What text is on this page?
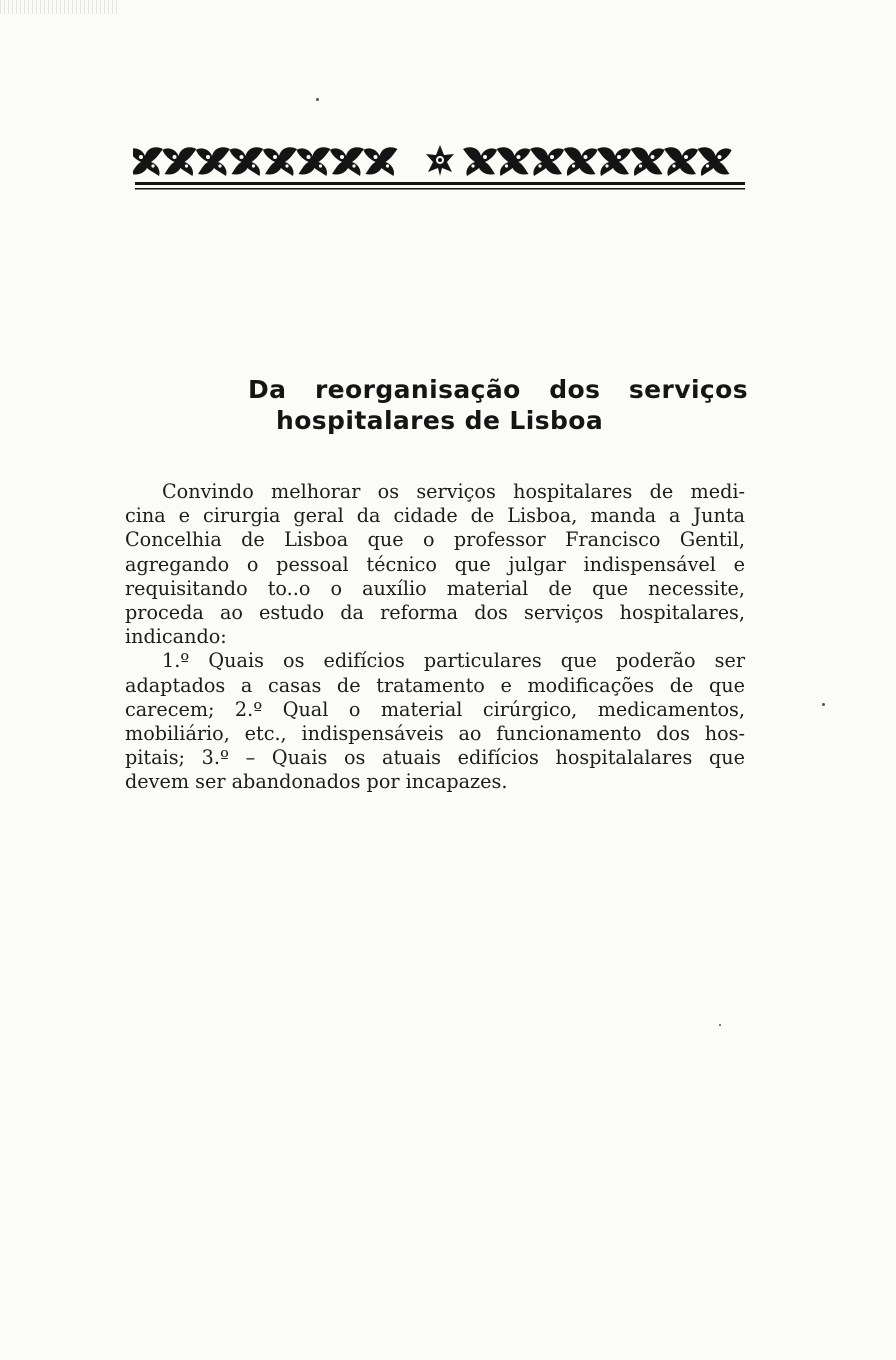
Da reorganisação dos serviços
hospitalares de Lisboa
Convindo melhorar os serviços hospitalares de medi-
cina e cirurgia geral da cidade de Lisboa, manda a Junta
Concelhia de Lisboa que o professor Francisco Gentil,
agregando o pessoal técnico que julgar indispensável e
requisitando to..o o auxílio material de que necessite,
proceda ao estudo da reforma dos serviços hospitalares,
indicando:
1.º Quais os edifícios particulares que poderão ser
adaptados a casas de tratamento e modificações de que
carecem; 2.º Qual o material cirúrgico, medicamentos,
mobiliário, etc., indispensáveis ao funcionamento dos hos-
pitais; 3.º – Quais os atuais edifícios hospitalalares que
devem ser abandonados por incapazes.
